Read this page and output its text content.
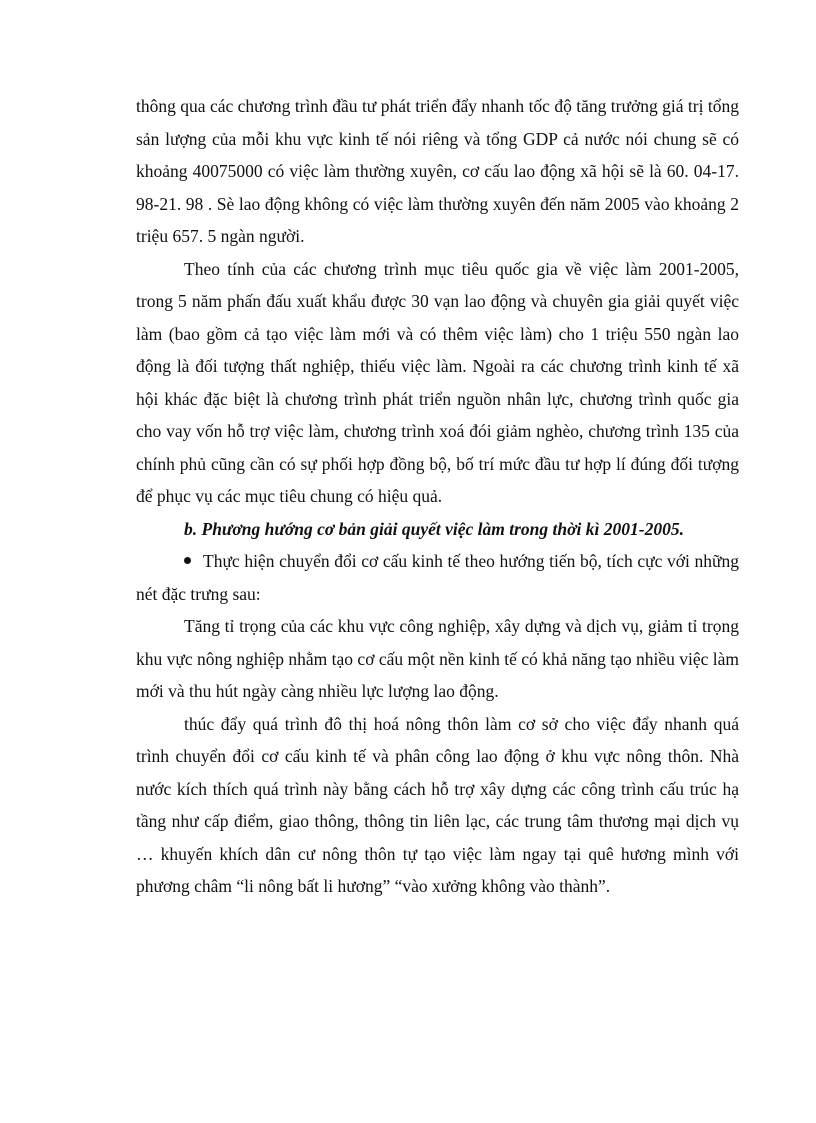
thông qua các chương trình đầu tư phát triển đẩy nhanh tốc độ tăng trưởng giá trị tổng sản lượng của mỗi khu vực kinh tế nói riêng và tổng GDP cả nước nói chung sẽ có khoảng 40075000 có việc làm thường xuyên, cơ cấu lao động xã hội sẽ là 60. 04-17. 98-21. 98 . Sè lao động không có việc làm thường xuyên đến năm 2005 vào khoảng 2 triệu 657. 5 ngàn người.

Theo tính của các chương trình mục tiêu quốc gia về việc làm 2001-2005, trong 5 năm phấn đấu xuất khẩu được 30 vạn lao động và chuyên gia giải quyết việc làm (bao gồm cả tạo việc làm mới và có thêm việc làm) cho 1 triệu 550 ngàn lao động là đối tượng thất nghiệp, thiếu việc làm. Ngoài ra các chương trình kinh tế xã hội khác đặc biệt là chương trình phát triển nguồn nhân lực, chương trình quốc gia cho vay vốn hỗ trợ việc làm, chương trình xoá đói giảm nghèo, chương trình 135 của chính phủ cũng cần có sự phối hợp đồng bộ, bố trí mức đầu tư hợp lí đúng đối tượng để phục vụ các mục tiêu chung có hiệu quả.

b. Phương hướng cơ bản giải quyết việc làm trong thời kì 2001-2005.

Thực hiện chuyển đổi cơ cấu kinh tế theo hướng tiến bộ, tích cực với những nét đặc trưng sau:

Tăng tỉ trọng của các khu vực công nghiệp, xây dựng và dịch vụ, giảm tỉ trọng khu vực nông nghiệp nhằm tạo cơ cấu một nền kinh tế có khả năng tạo nhiều việc làm mới và thu hút ngày càng nhiều lực lượng lao động.

thúc đẩy quá trình đô thị hoá nông thôn làm cơ sở cho việc đẩy nhanh quá trình chuyển đổi cơ cấu kinh tế và phân công lao động ở khu vực nông thôn. Nhà nước kích thích quá trình này bằng cách hỗ trợ xây dựng các công trình cấu trúc hạ tầng như cấp điểm, giao thông, thông tin liên lạc, các trung tâm thương mại dịch vụ … khuyến khích dân cư nông thôn tự tạo việc làm ngay tại quê hương mình với phương châm “li nông bất li hương” “vào xưởng không vào thành”.
